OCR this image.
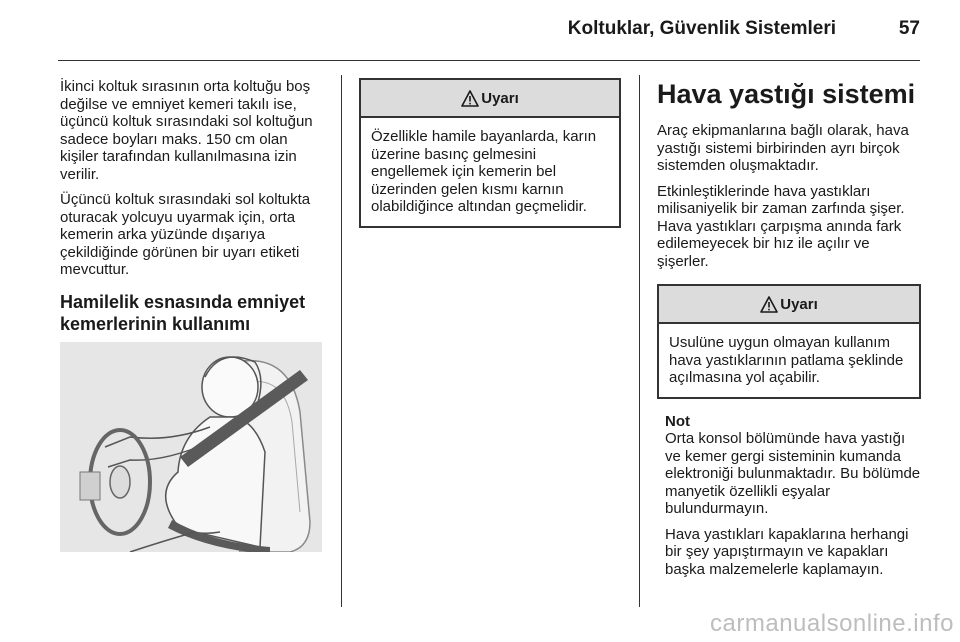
Koltuklar, Güvenlik Sistemleri	57

İkinci koltuk sırasının orta koltuğu boş değilse ve emniyet kemeri takılı ise, üçüncü koltuk sırasındaki sol koltuğun sadece boyları maks. 150 cm olan kişiler tarafından kullanılmasına izin verilir.

Üçüncü koltuk sırasındaki sol koltukta oturacak yolcuyu uyarmak için, orta kemerin arka yüzünde dışarıya çekildiğinde görünen bir uyarı etiketi mevcuttur.

Hamilelik esnasında emniyet kemerlerinin kullanımı
Uyarı
Özellikle hamile bayanlarda, karın üzerine basınç gelmesini engellemek için kemerin bel üzerinden gelen kısmı karnın olabildiğince altından geçmelidir.
Hava yastığı sistemi

Araç ekipmanlarına bağlı olarak, hava yastığı sistemi birbirinden ayrı birçok sistemden oluşmaktadır.

Etkinleştiklerinde hava yastıkları milisaniyelik bir zaman zarfında şişer. Hava yastıkları çarpışma anında fark edilemeyecek bir hız ile açılır ve şişerler.

Uyarı
Usulüne uygun olmayan kullanım hava yastıklarının patlama şeklinde açılmasına yol açabilir.

Not

Orta konsol bölümünde hava yastığı ve kemer gergi sisteminin kumanda elektroniği bulunmaktadır. Bu bölümde manyetik özellikli eşyalar bulundurmayın.

Hava yastıkları kapaklarına herhangi bir şey yapıştırmayın ve kapakları başka malzemelerle kaplamayın.

carmanualsonline.info
